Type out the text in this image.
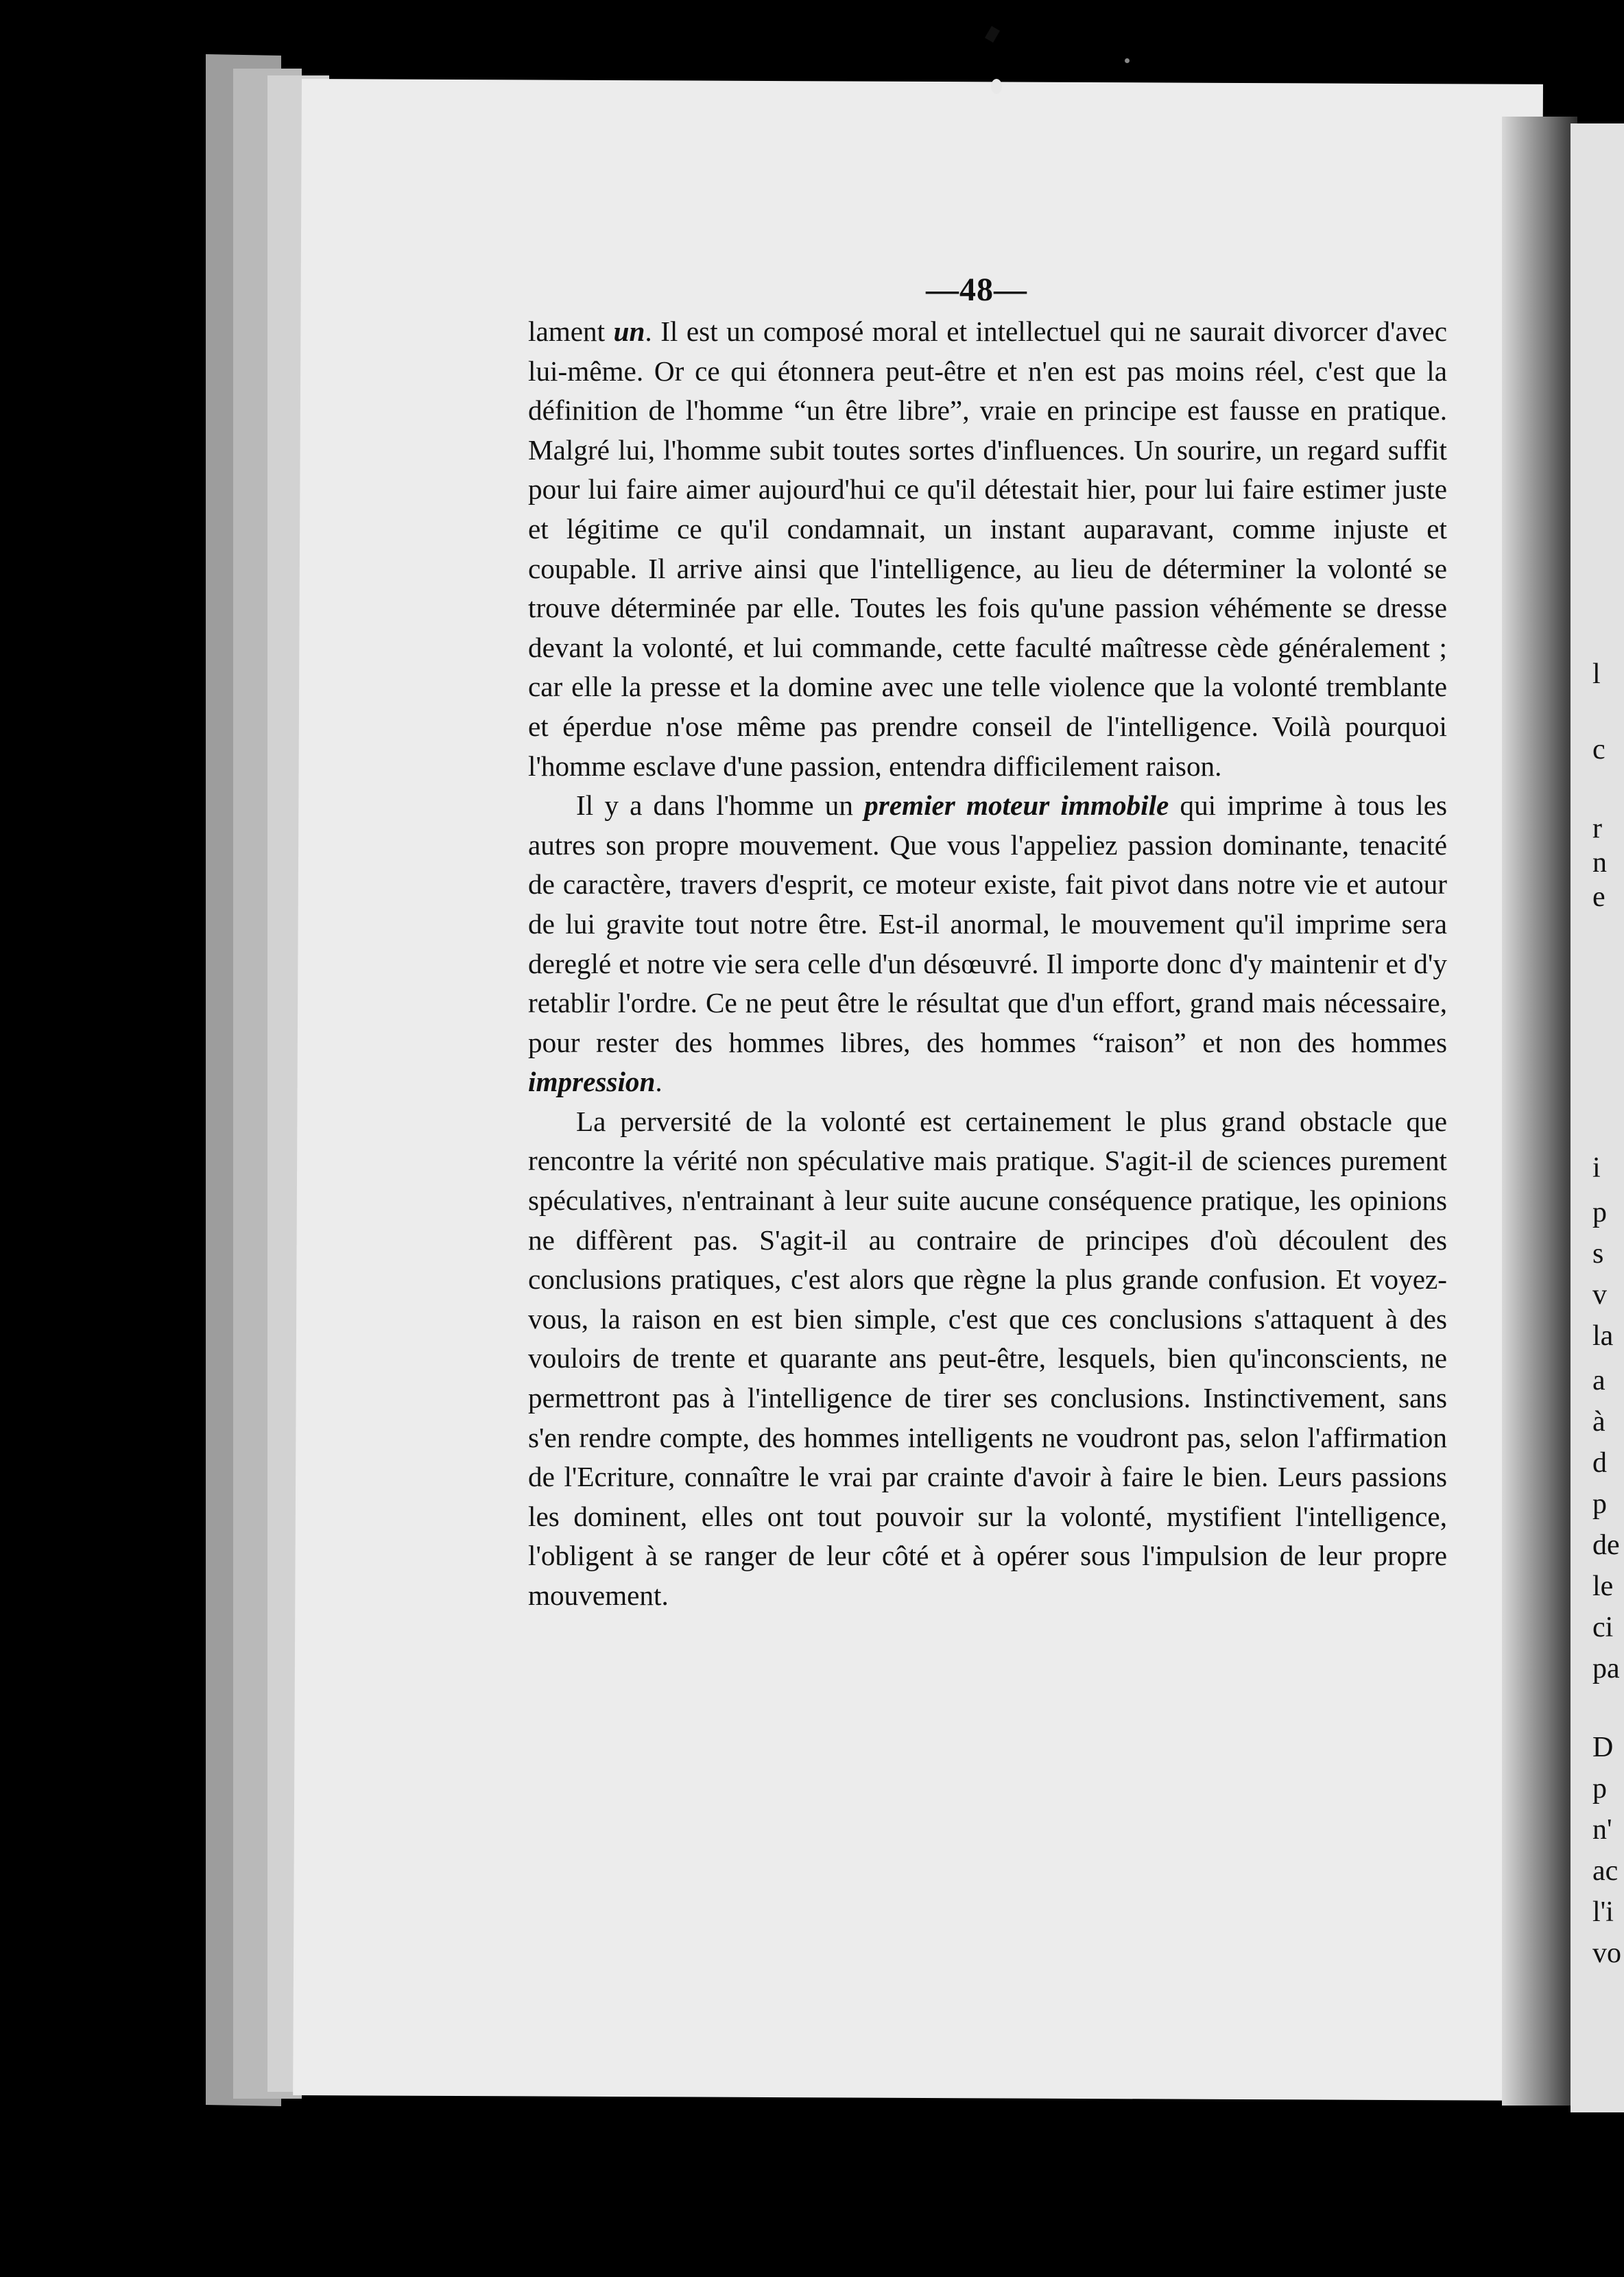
—48—

lament un. Il est un composé moral et intellectuel qui ne saurait divorcer d'avec lui-même. Or ce qui étonnera peut-être et n'en est pas moins réel, c'est que la définition de l'homme “un être libre”, vraie en principe est fausse en pratique. Malgré lui, l'homme subit toutes sortes d'influences. Un sourire, un regard suffit pour lui faire aimer aujourd'hui ce qu'il détestait hier, pour lui faire estimer juste et légitime ce qu'il condamnait, un instant auparavant, comme injuste et coupable. Il arrive ainsi que l'intelligence, au lieu de déterminer la volonté se trouve déterminée par elle. Toutes les fois qu'une passion véhémente se dresse devant la volonté, et lui commande, cette faculté maîtresse cède généralement ; car elle la presse et la domine avec une telle violence que la volonté tremblante et éperdue n'ose même pas prendre conseil de l'intelligence. Voilà pourquoi l'homme esclave d'une passion, entendra difficilement raison.

Il y a dans l'homme un premier moteur immobile qui imprime à tous les autres son propre mouvement. Que vous l'appeliez passion dominante, tenacité de caractère, travers d'esprit, ce moteur existe, fait pivot dans notre vie et autour de lui gravite tout notre être. Est-il anormal, le mouvement qu'il imprime sera dereglé et notre vie sera celle d'un désœuvré. Il importe donc d'y maintenir et d'y retablir l'ordre. Ce ne peut être le résultat que d'un effort, grand mais nécessaire, pour rester des hommes libres, des hommes “raison” et non des hommes impression.

La perversité de la volonté est certainement le plus grand obstacle que rencontre la vérité non spéculative mais pratique. S'agit-il de sciences purement spéculatives, n'entrainant à leur suite aucune conséquence pratique, les opinions ne diffèrent pas. S'agit-il au contraire de principes d'où découlent des conclusions pratiques, c'est alors que règne la plus grande confusion. Et voyez-vous, la raison en est bien simple, c'est que ces conclusions s'attaquent à des vouloirs de trente et quarante ans peut-être, lesquels, bien qu'inconscients, ne permettront pas à l'intelligence de tirer ses conclusions. Instinctivement, sans s'en rendre compte, des hommes intelligents ne voudront pas, selon l'affirmation de l'Ecriture, connaître le vrai par crainte d'avoir à faire le bien. Leurs passions les dominent, elles ont tout pouvoir sur la volonté, mystifient l'intelligence, l'obligent à se ranger de leur côté et à opérer sous l'impulsion de leur propre mouvement.

l
c
r
n
e
i
p
s
v
la
a
à
d
p
de
le
ci
pa
D
p
n'
ac
l'i
vo
